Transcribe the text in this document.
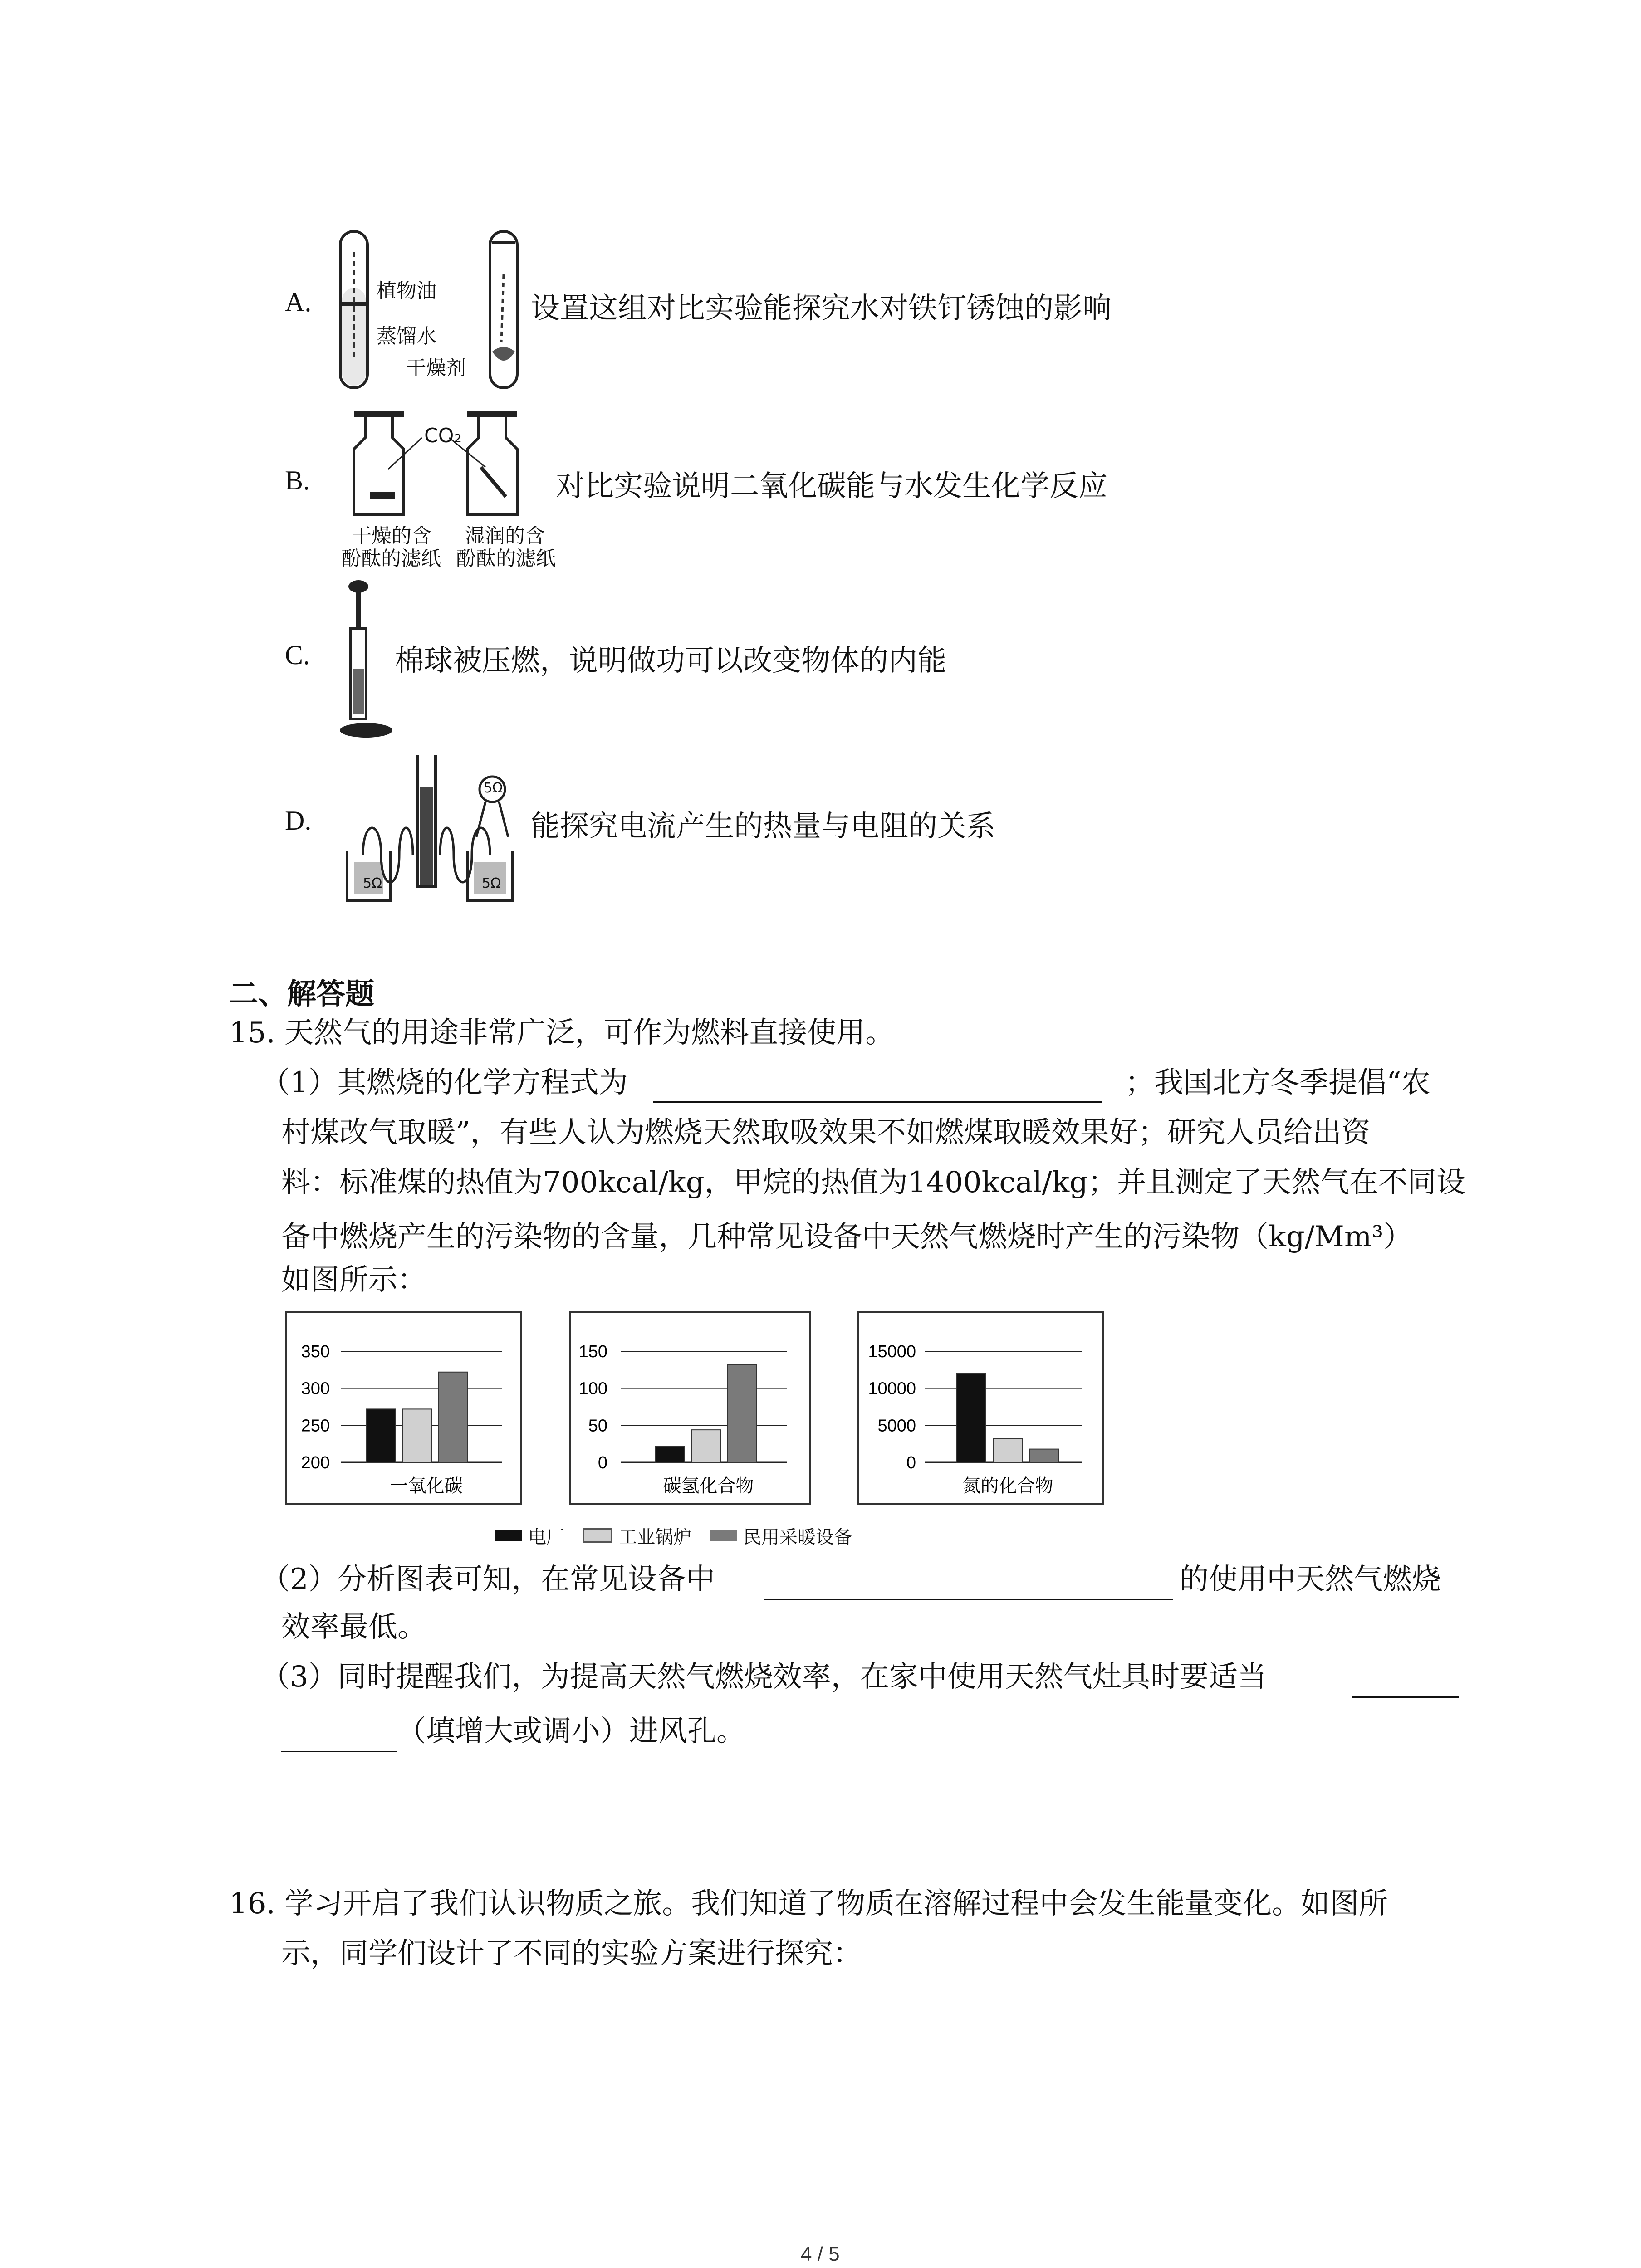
A.	植物油
蒸馏水
干燥剂
设置这组对比实验能探究水对铁钉锈蚀的影响
B.
CO₂
干燥的含
酚酞的滤纸
湿润的含
酚酞的滤纸
对比实验说明二氧化碳能与水发生化学反应
C.	棉球被压燃，说明做功可以改变物体的内能
D.
5Ω
5Ω	5Ω
能探究电流产生的热量与电阻的关系
二、解答题
15. 天然气的用途非常广泛，可作为燃料直接使用。
（1）其燃烧的化学方程式为	；我国北方冬季提倡“农
村煤改气取暖”，有些人认为燃烧天然取吸效果不如燃煤取暖效果好；研究人员给出资
料：标准煤的热值为700kcal/kg，甲烷的热值为1400kcal/kg；并且测定了天然气在不同设
备中燃烧产生的污染物的含量，几种常见设备中天然气燃烧时产生的污染物（kg/Mm³）
如图所示：
350
300
250
200
一氧化碳
150
100
50
0
碳氢化合物
15000
10000
5000
0
氮的化合物
电厂	工业锅炉	民用采暖设备
（2）分析图表可知，在常见设备中	的使用中天然气燃烧
效率最低。
（3）同时提醒我们，为提高天然气燃烧效率，在家中使用天然气灶具时要适当
（填增大或调小）进风孔。
16. 学习开启了我们认识物质之旅。我们知道了物质在溶解过程中会发生能量变化。如图所
示，同学们设计了不同的实验方案进行探究：
4 / 5
